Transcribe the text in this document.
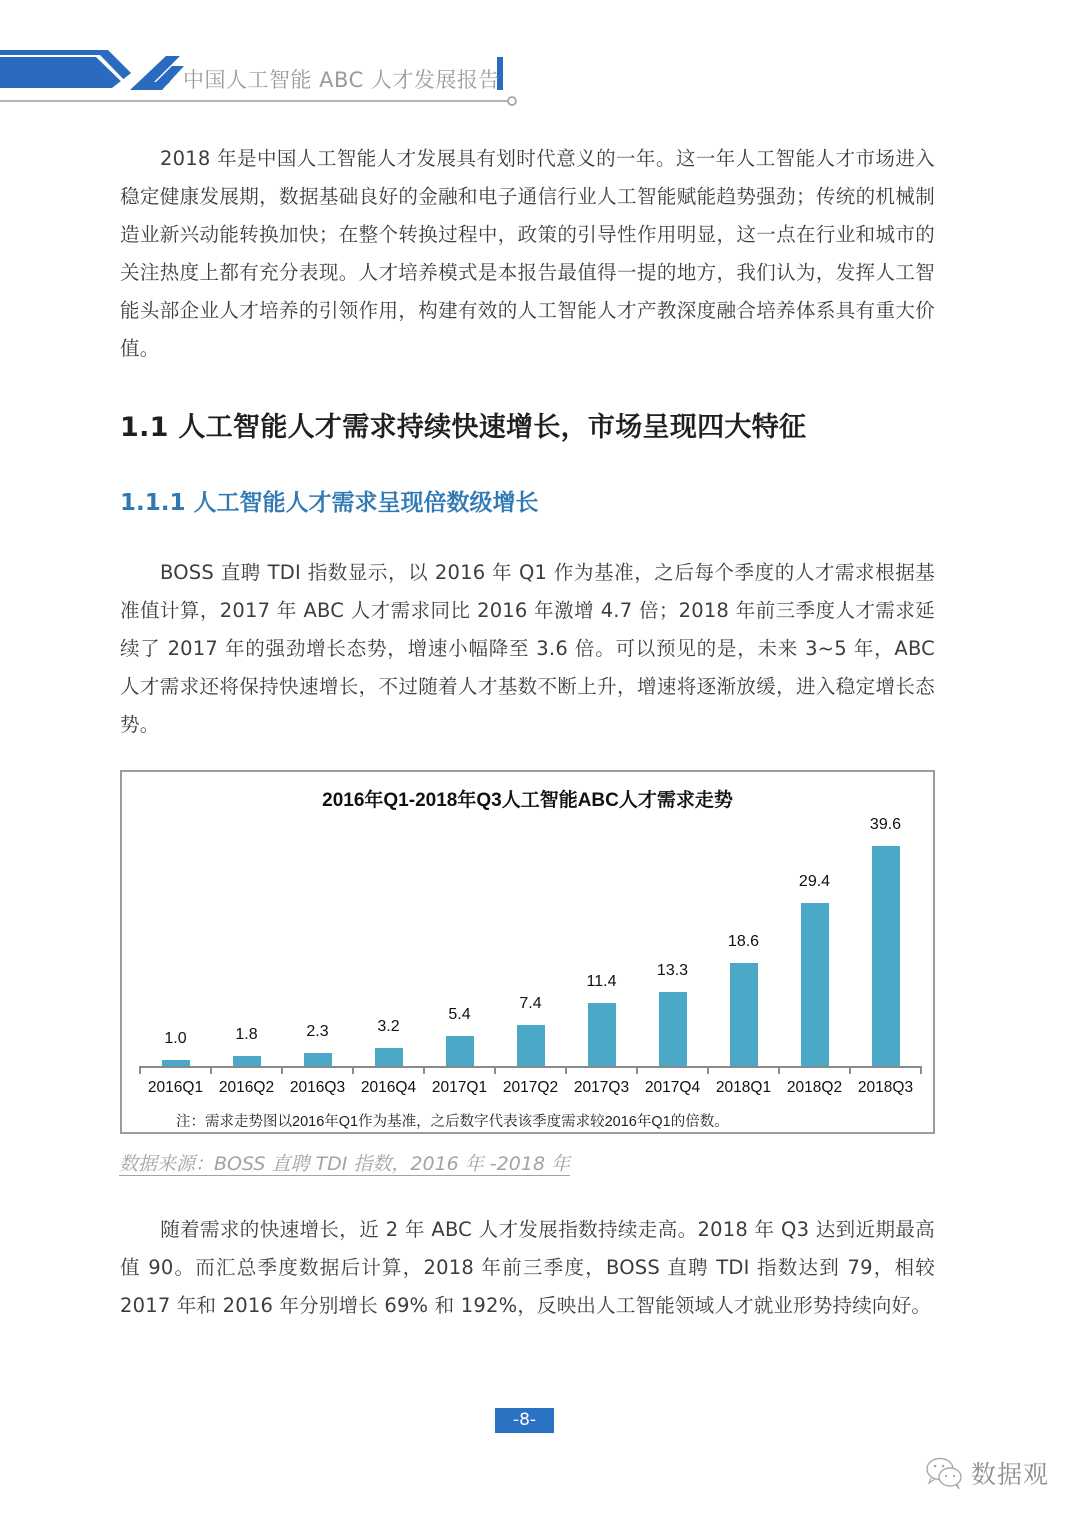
中国人工智能 ABC 人才发展报告

2018 年是中国人工智能人才发展具有划时代意义的一年。这一年人工智能人才市场进入稳定健康发展期，数据基础良好的金融和电子通信行业人工智能赋能趋势强劲；传统的机械制造业新兴动能转换加快；在整个转换过程中，政策的引导性作用明显，这一点在行业和城市的关注热度上都有充分表现。人才培养模式是本报告最值得一提的地方，我们认为，发挥人工智能头部企业人才培养的引领作用，构建有效的人工智能人才产教深度融合培养体系具有重大价值。

1.1 人工智能人才需求持续快速增长，市场呈现四大特征
1.1.1 人工智能人才需求呈现倍数级增长

BOSS 直聘 TDI 指数显示，以 2016 年 Q1 作为基准，之后每个季度的人才需求根据基准值计算，2017 年 ABC 人才需求同比 2016 年激增 4.7 倍；2018 年前三季度人才需求延续了 2017 年的强劲增长态势，增速小幅降至 3.6 倍。可以预见的是，未来 3~5 年，ABC 人才需求还将保持快速增长，不过随着人才基数不断上升，增速将逐渐放缓，进入稳定增长态势。

2016年Q1-2018年Q3人工智能ABC人才需求走势
注：需求走势图以2016年Q1作为基准，之后数字代表该季度需求较2016年Q1的倍数。
1.0
2016Q1
1.8
2016Q2
2.3
2016Q3
3.2
2016Q4
5.4
2017Q1
7.4
2017Q2
11.4
2017Q3
13.3
2017Q4
18.6
2018Q1
29.4
2018Q2
39.6
2018Q3
数据来源：BOSS 直聘 TDI 指数，2016 年 -2018 年

随着需求的快速增长，近 2 年 ABC 人才发展指数持续走高。2018 年 Q3 达到近期最高值 90。而汇总季度数据后计算，2018 年前三季度，BOSS 直聘 TDI 指数达到 79，相较 2017 年和 2016 年分别增长 69% 和 192%，反映出人工智能领域人才就业形势持续向好。

-8-
数据观
